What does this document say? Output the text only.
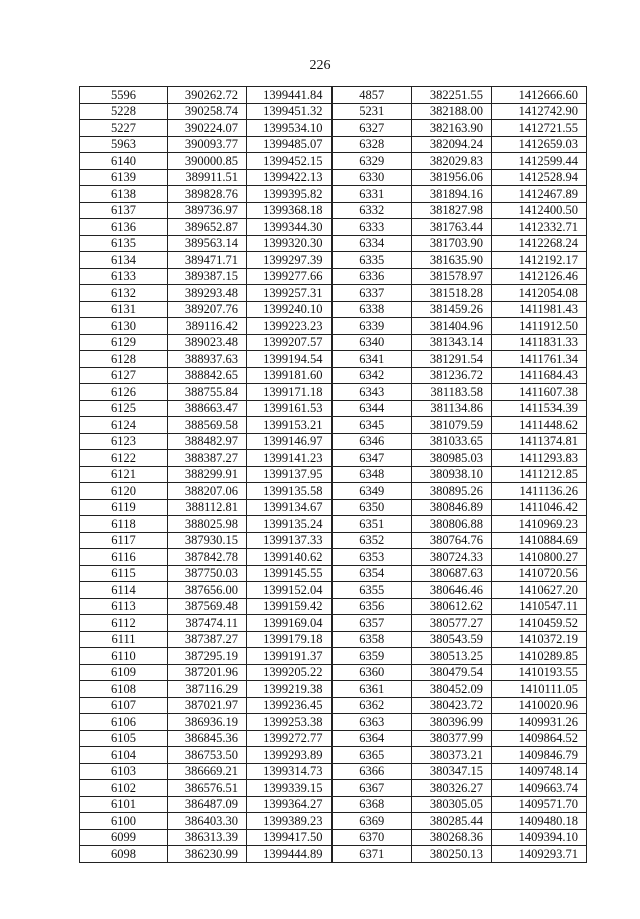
226
5596	390262.72	1399441.84	4857	382251.55	1412666.60
5228	390258.74	1399451.32	5231	382188.00	1412742.90
5227	390224.07	1399534.10	6327	382163.90	1412721.55
5963	390093.77	1399485.07	6328	382094.24	1412659.03
6140	390000.85	1399452.15	6329	382029.83	1412599.44
6139	389911.51	1399422.13	6330	381956.06	1412528.94
6138	389828.76	1399395.82	6331	381894.16	1412467.89
6137	389736.97	1399368.18	6332	381827.98	1412400.50
6136	389652.87	1399344.30	6333	381763.44	1412332.71
6135	389563.14	1399320.30	6334	381703.90	1412268.24
6134	389471.71	1399297.39	6335	381635.90	1412192.17
6133	389387.15	1399277.66	6336	381578.97	1412126.46
6132	389293.48	1399257.31	6337	381518.28	1412054.08
6131	389207.76	1399240.10	6338	381459.26	1411981.43
6130	389116.42	1399223.23	6339	381404.96	1411912.50
6129	389023.48	1399207.57	6340	381343.14	1411831.33
6128	388937.63	1399194.54	6341	381291.54	1411761.34
6127	388842.65	1399181.60	6342	381236.72	1411684.43
6126	388755.84	1399171.18	6343	381183.58	1411607.38
6125	388663.47	1399161.53	6344	381134.86	1411534.39
6124	388569.58	1399153.21	6345	381079.59	1411448.62
6123	388482.97	1399146.97	6346	381033.65	1411374.81
6122	388387.27	1399141.23	6347	380985.03	1411293.83
6121	388299.91	1399137.95	6348	380938.10	1411212.85
6120	388207.06	1399135.58	6349	380895.26	1411136.26
6119	388112.81	1399134.67	6350	380846.89	1411046.42
6118	388025.98	1399135.24	6351	380806.88	1410969.23
6117	387930.15	1399137.33	6352	380764.76	1410884.69
6116	387842.78	1399140.62	6353	380724.33	1410800.27
6115	387750.03	1399145.55	6354	380687.63	1410720.56
6114	387656.00	1399152.04	6355	380646.46	1410627.20
6113	387569.48	1399159.42	6356	380612.62	1410547.11
6112	387474.11	1399169.04	6357	380577.27	1410459.52
6111	387387.27	1399179.18	6358	380543.59	1410372.19
6110	387295.19	1399191.37	6359	380513.25	1410289.85
6109	387201.96	1399205.22	6360	380479.54	1410193.55
6108	387116.29	1399219.38	6361	380452.09	1410111.05
6107	387021.97	1399236.45	6362	380423.72	1410020.96
6106	386936.19	1399253.38	6363	380396.99	1409931.26
6105	386845.36	1399272.77	6364	380377.99	1409864.52
6104	386753.50	1399293.89	6365	380373.21	1409846.79
6103	386669.21	1399314.73	6366	380347.15	1409748.14
6102	386576.51	1399339.15	6367	380326.27	1409663.74
6101	386487.09	1399364.27	6368	380305.05	1409571.70
6100	386403.30	1399389.23	6369	380285.44	1409480.18
6099	386313.39	1399417.50	6370	380268.36	1409394.10
6098	386230.99	1399444.89	6371	380250.13	1409293.71
